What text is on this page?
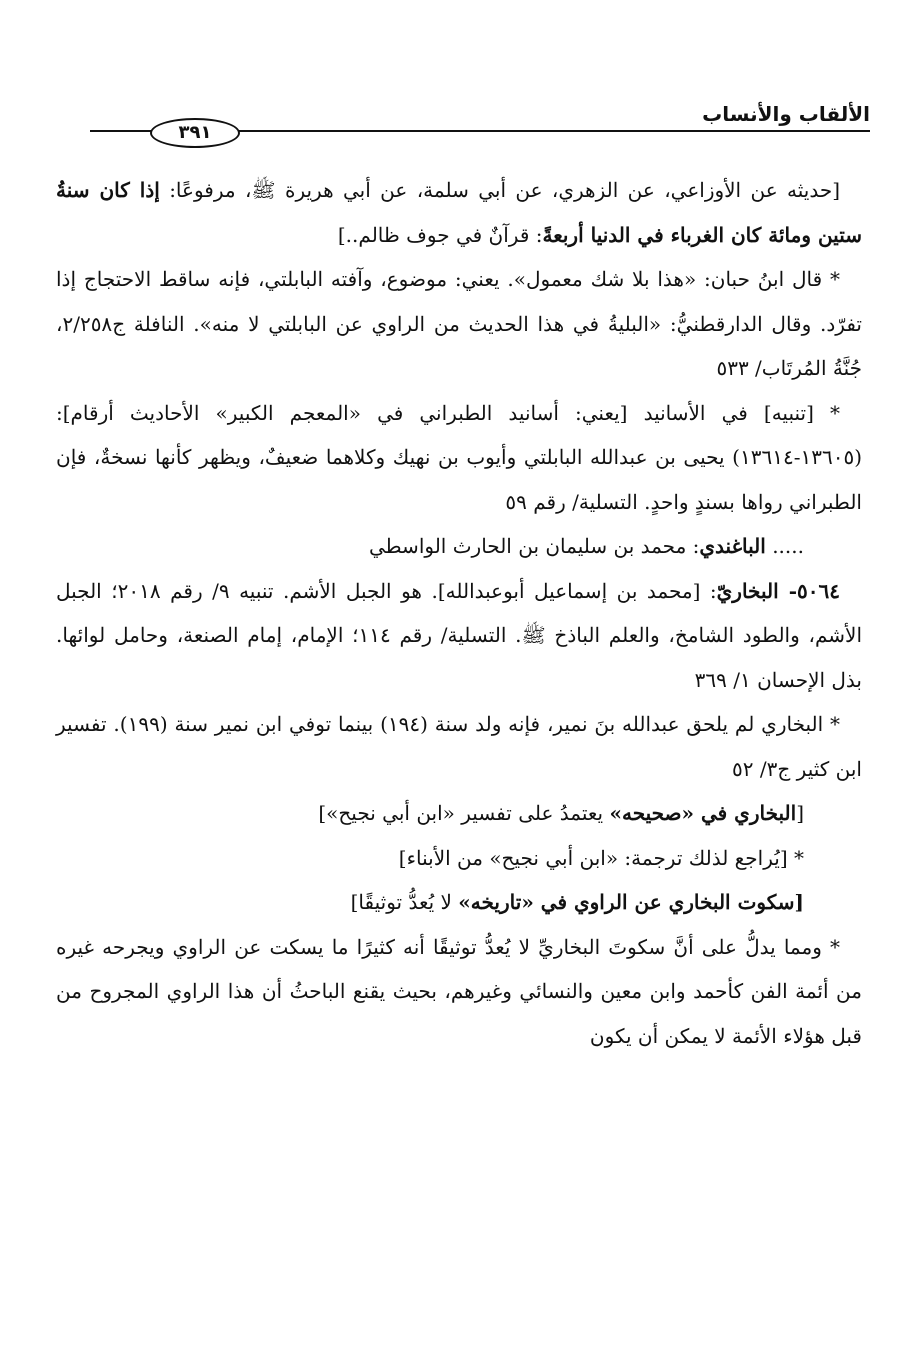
الألقاب والأنساب
٣٩١

[حديثه عن الأوزاعي، عن الزهري، عن أبي سلمة، عن أبي هريرة ﷺ، مرفوعًا: إذا كان سنةُ ستين ومائة كان الغرباء في الدنيا أربعةً: قرآنٌ في جوف ظالم..]

* قال ابنُ حبان: «هذا بلا شك معمول». يعني: موضوع، وآفته البابلتي، فإنه ساقط الاحتجاج إذا تفرّد. وقال الدارقطنيُّ: «البليةُ في هذا الحديث من الراوي عن البابلتي لا منه». النافلة ج٢/٢٥٨، جُنَّةُ المُرتَاب/ ٥٣٣

* [تنبيه] في الأسانيد [يعني: أسانيد الطبراني في «المعجم الكبير» الأحاديث أرقام]: (١٣٦٠٥-١٣٦١٤) يحيى بن عبدالله البابلتي وأيوب بن نهيك وكلاهما ضعيفٌ، ويظهر كأنها نسخةٌ، فإن الطبراني رواها بسندٍ واحدٍ. التسلية/ رقم ٥٩

..... الباغندي: محمد بن سليمان بن الحارث الواسطي

٥٠٦٤- البخاريّ: [محمد بن إسماعيل أبوعبدالله]. هو الجبل الأشم. تنبيه ٩/ رقم ٢٠١٨؛ الجبل الأشم، والطود الشامخ، والعلم الباذخ ﷺ. التسلية/ رقم ١١٤؛ الإمام، إمام الصنعة، وحامل لوائها. بذل الإحسان ١/ ٣٦٩

* البخاري لم يلحق عبدالله بنَ نمير، فإنه ولد سنة (١٩٤) بينما توفي ابن نمير سنة (١٩٩). تفسير ابن كثير ج٣/ ٥٢

[البخاري في «صحيحه» يعتمدُ على تفسير «ابن أبي نجيح»]

* [يُراجع لذلك ترجمة: «ابن أبي نجيح» من الأبناء]

[سكوت البخاري عن الراوي في «تاريخه» لا يُعدُّ توثيقًا]

* ومما يدلُّ على أنَّ سكوتَ البخاريِّ لا يُعدُّ توثيقًا أنه كثيرًا ما يسكت عن الراوي ويجرحه غيره من أئمة الفن كأحمد وابن معين والنسائي وغيرهم، بحيث يقنع الباحثُ أن هذا الراوي المجروح من قبل هؤلاء الأئمة لا يمكن أن يكون
